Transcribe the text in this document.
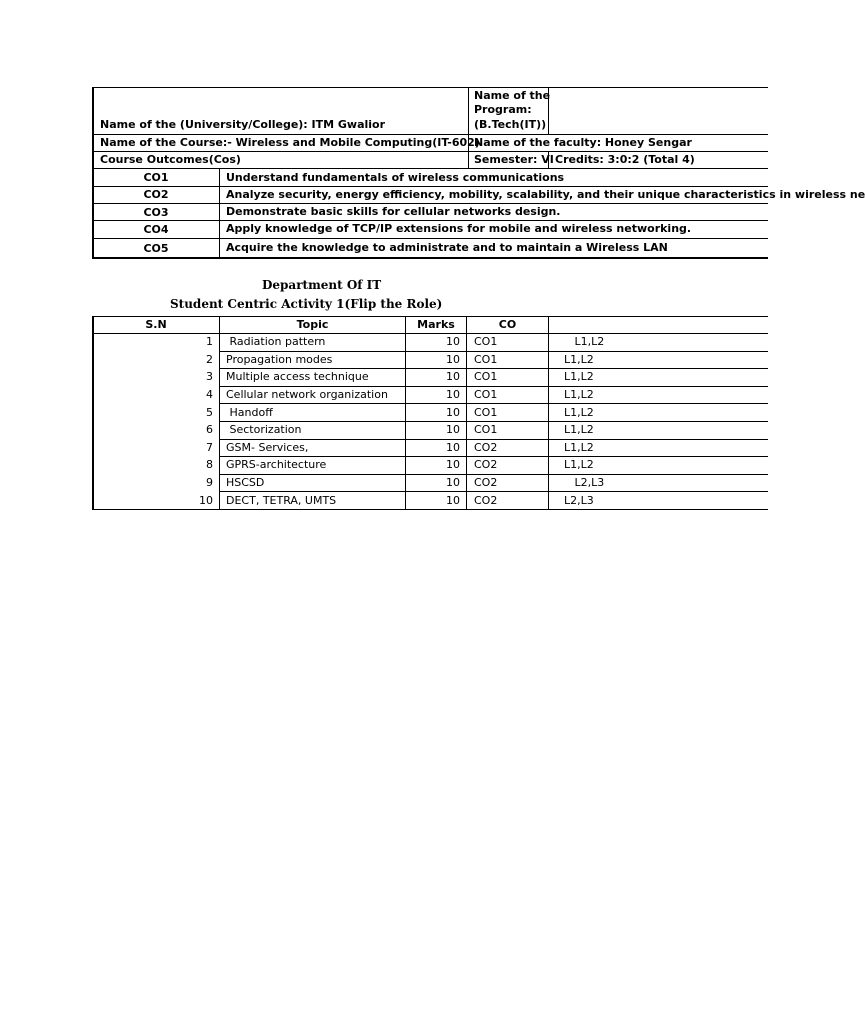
Name of the (University/College): ITM Gwalior
Name of the
Program:
(B.Tech(IT))
Name of the Course:- Wireless and Mobile Computing(IT-602)
Name of the faculty: Honey Sengar
Course Outcomes(Cos)	Semester: VI Credits: 3:0:2 (Total 4)
CO1	Understand fundamentals of wireless communications
CO2	Analyze security, energy efficiency, mobility, scalability, and their unique characteristics in wireless ne
CO3	Demonstrate basic skills for cellular networks design.
CO4	Apply knowledge of TCP/IP extensions for mobile and wireless networking.
CO5	Acquire the knowledge to administrate and to maintain a Wireless LAN
Department Of IT
Student Centric Activity 1(Flip the Role)
S.N	Topic	Marks	CO
1 Radiation pattern	10 CO1	L1,L2
2 Propagation modes	10 CO1	L1,L2
3 Multiple access technique	10 CO1	L1,L2
4 Cellular network organization	10 CO1	L1,L2
5 Handoff	10 CO1	L1,L2
6 Sectorization	10 CO1	L1,L2
7 GSM- Services,	10 CO2	L1,L2
8 GPRS-architecture	10 CO2	L1,L2
9 HSCSD	10 CO2	L2,L3
10 DECT, TETRA, UMTS	10 CO2	L2,L3
